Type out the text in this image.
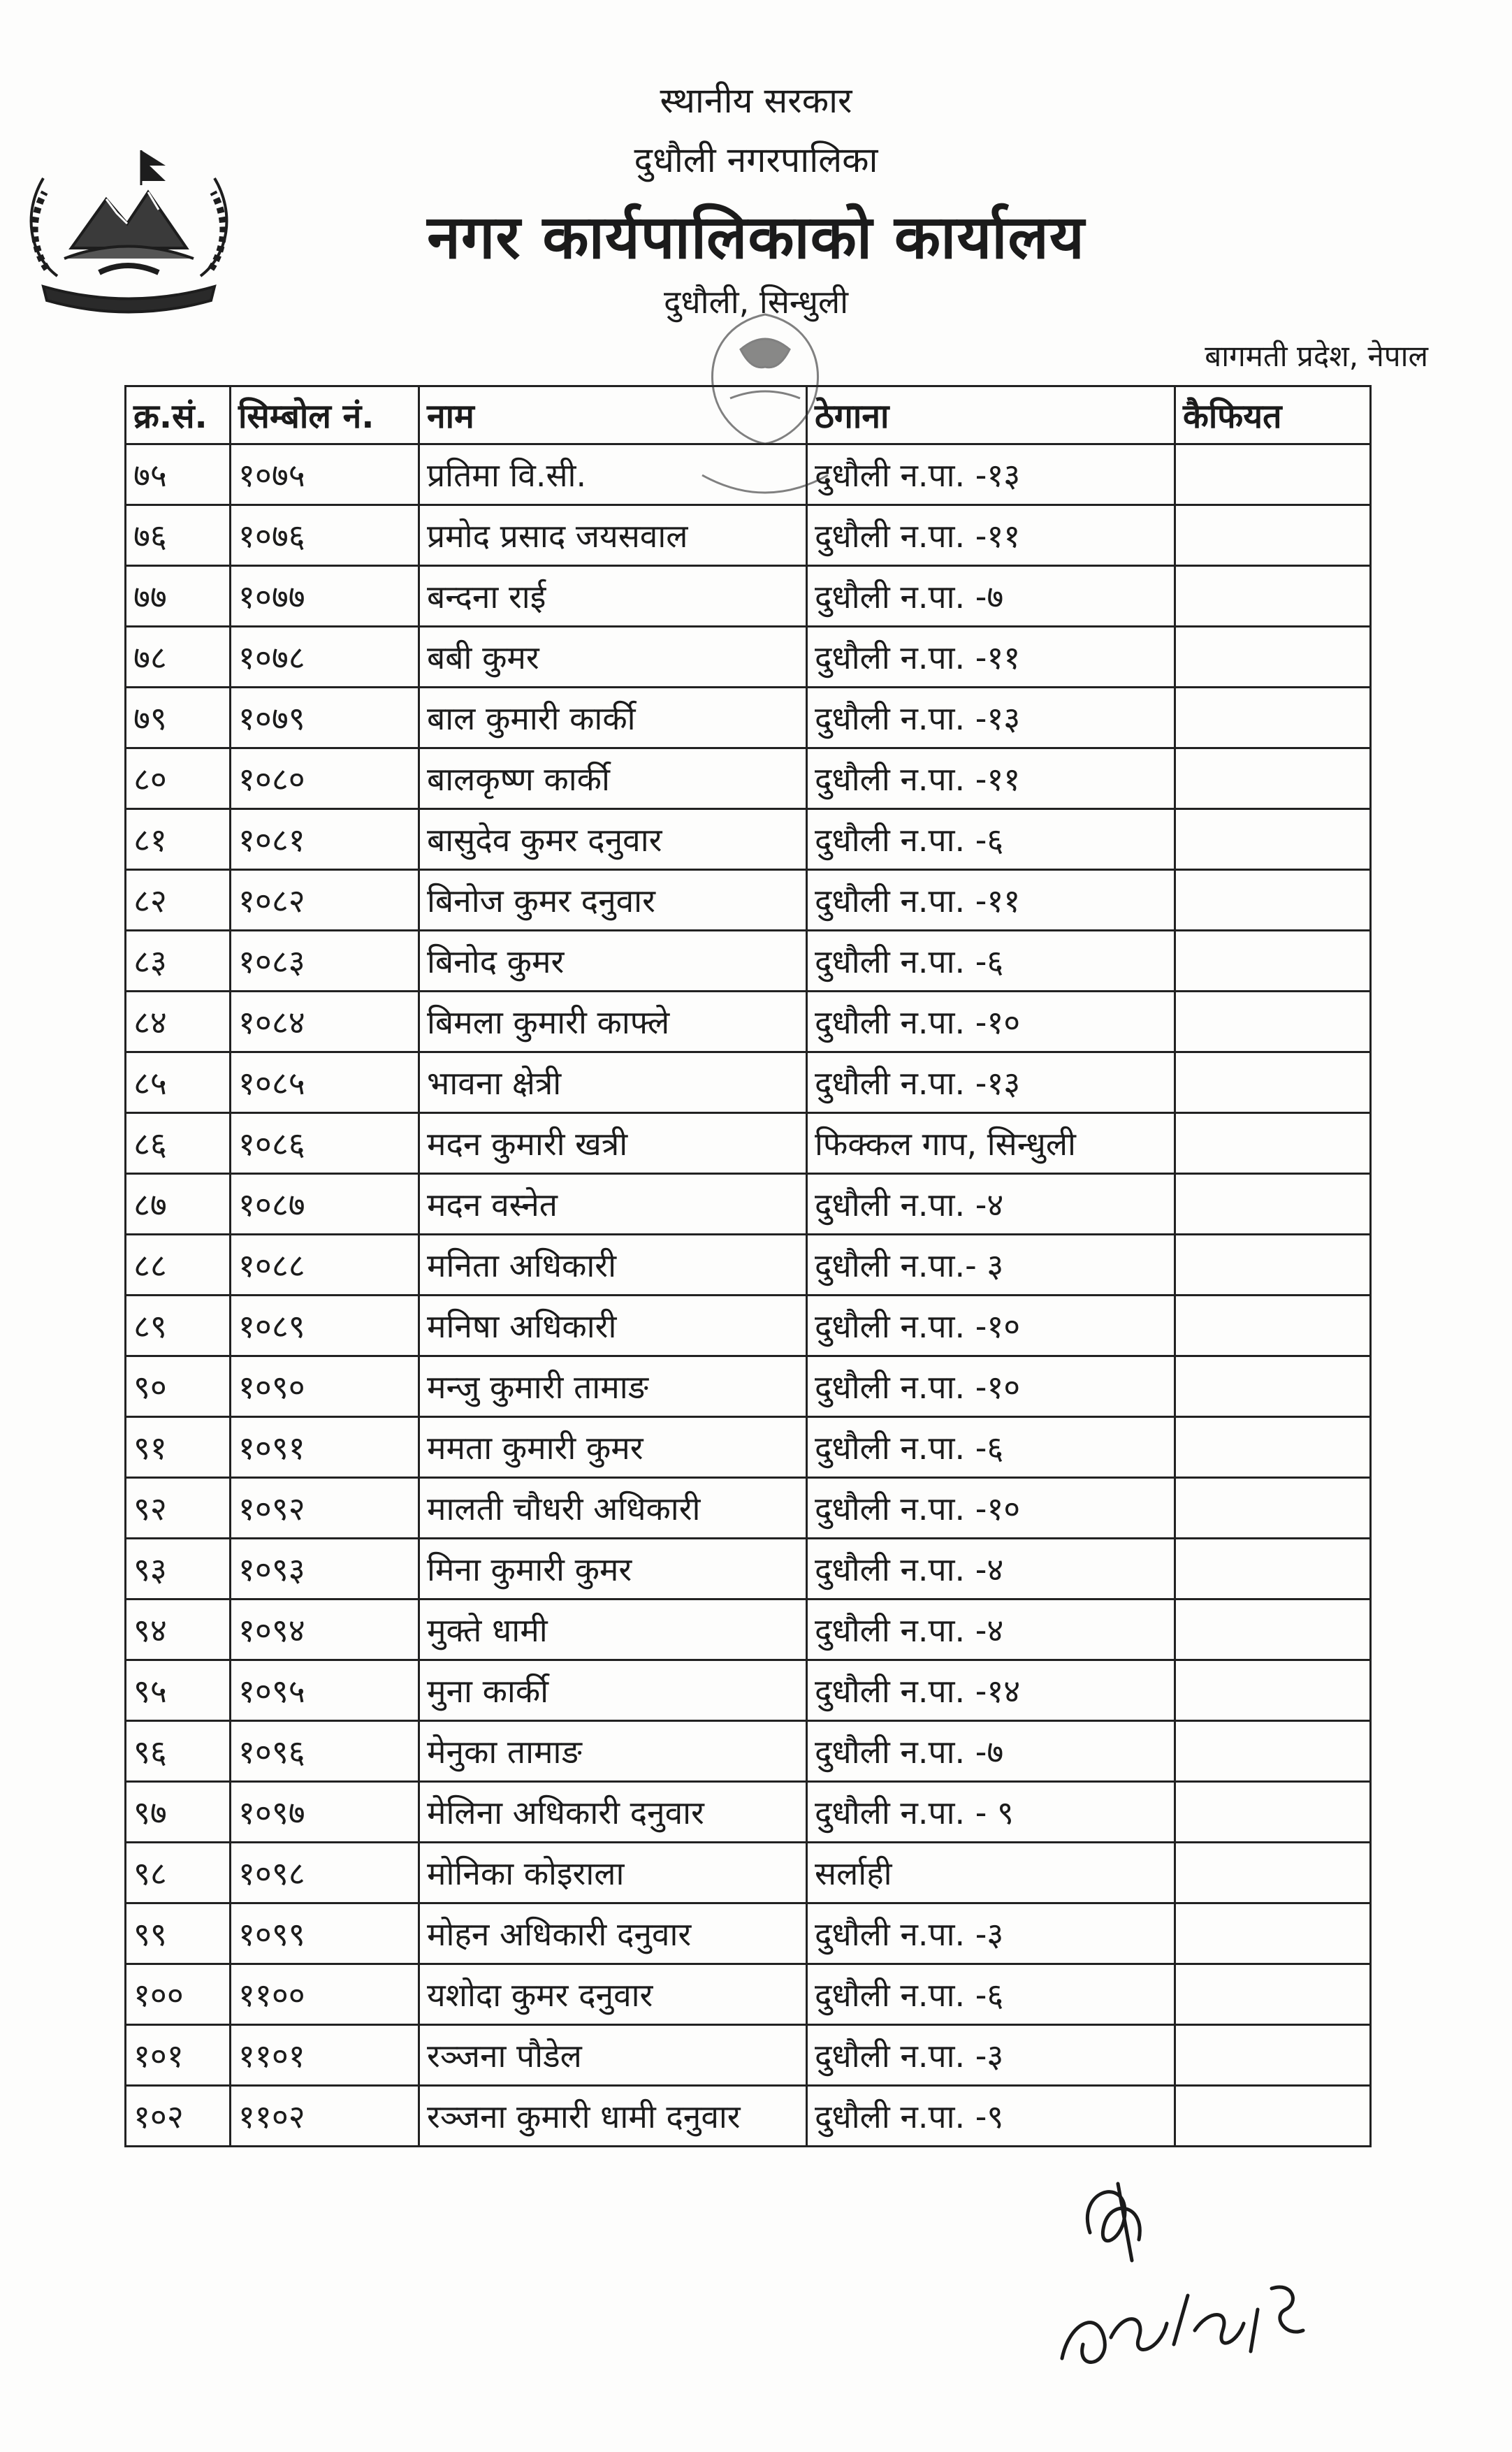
स्थानीय सरकार
दुधौली नगरपालिका
नगर कार्यपालिकाको कार्यालय
दुधौली, सिन्धुली
बागमती प्रदेश, नेपाल
क्र.सं.	सिम्बोल नं.	नाम	ठेगाना	कैफियत
७५	१०७५	प्रतिमा वि.सी.	दुधौली न.पा. -१३	
७६	१०७६	प्रमोद प्रसाद जयसवाल	दुधौली न.पा. -११	
७७	१०७७	बन्दना राई	दुधौली न.पा. -७	
७८	१०७८	बबी कुमर	दुधौली न.पा. -११	
७९	१०७९	बाल कुमारी कार्की	दुधौली न.पा. -१३	
८०	१०८०	बालकृष्ण कार्की	दुधौली न.पा. -११	
८१	१०८१	बासुदेव कुमर दनुवार	दुधौली न.पा. -६	
८२	१०८२	बिनोज कुमर दनुवार	दुधौली न.पा. -११	
८३	१०८३	बिनोद कुमर	दुधौली न.पा. -६	
८४	१०८४	बिमला कुमारी काफ्ले	दुधौली न.पा. -१०	
८५	१०८५	भावना क्षेत्री	दुधौली न.पा. -१३	
८६	१०८६	मदन कुमारी खत्री	फिक्कल गाप, सिन्धुली	
८७	१०८७	मदन वस्नेत	दुधौली न.पा. -४	
८८	१०८८	मनिता अधिकारी	दुधौली न.पा.- ३	
८९	१०८९	मनिषा अधिकारी	दुधौली न.पा. -१०	
९०	१०९०	मन्जु कुमारी तामाङ	दुधौली न.पा. -१०	
९१	१०९१	ममता कुमारी कुमर	दुधौली न.पा. -६	
९२	१०९२	मालती चौधरी अधिकारी	दुधौली न.पा. -१०	
९३	१०९३	मिना कुमारी कुमर	दुधौली न.पा. -४	
९४	१०९४	मुक्ते धामी	दुधौली न.पा. -४	
९५	१०९५	मुना कार्की	दुधौली न.पा. -१४	
९६	१०९६	मेनुका तामाङ	दुधौली न.पा. -७	
९७	१०९७	मेलिना अधिकारी दनुवार	दुधौली न.पा. - ९	
९८	१०९८	मोनिका कोइराला	सर्लाही	
९९	१०९९	मोहन अधिकारी दनुवार	दुधौली न.पा. -३	
१००	११००	यशोदा कुमर दनुवार	दुधौली न.पा. -६	
१०१	११०१	रञ्जना पौडेल	दुधौली न.पा. -३	
१०२	११०२	रञ्जना कुमारी धामी दनुवार	दुधौली न.पा. -९	
